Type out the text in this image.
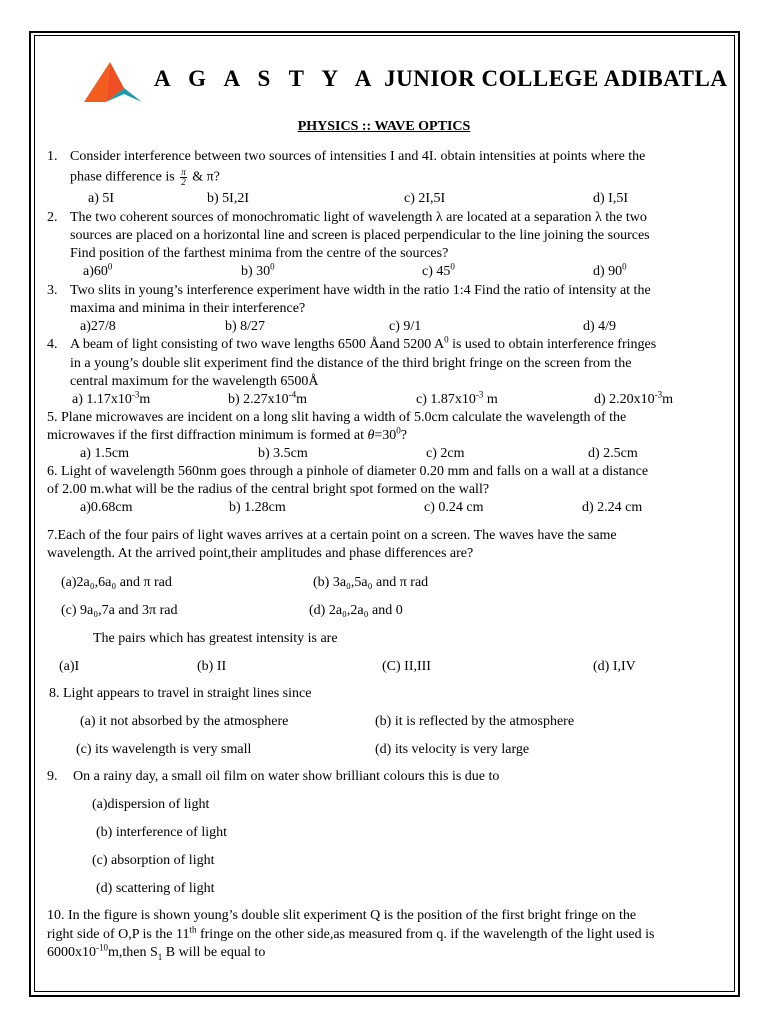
A G A S T Y A JUNIOR COLLEGE ADIBATLA
PHYSICS :: WAVE OPTICS
1. Consider interference between two sources of intensities I and 4I. obtain intensities at points where the
phase difference is $\frac{\pi}{2}$ & π?
a) 5I	b) 5I,2I	c) 2I,5I	d) I,5I
2. The two coherent sources of monochromatic light of wavelength λ are located at a separation λ the two
sources are placed on a horizontal line and screen is placed perpendicular to the line joining the sources
Find position of the farthest minima from the centre of the sources?
$a)60^0$	b) $30^0$	c) $45^0$	d) $90^0$
3. Two slits in young’s interference experiment have width in the ratio 1:4 Find the ratio of intensity at the
maxima and minima in their interference?
a)27/8	b) 8/27	c) 9/1	d) 4/9
4. A beam of light consisting of two wave lengths 6500 Åand 5200 $A^0$ is used to obtain interference fringes
in a young’s double slit experiment find the distance of the third bright fringe on the screen from the
central maximum for the wavelength 6500Å
a) $1.17x10^{-3}m$	b) $2.27x10^{-4}m$	c) $1.87x10^{-3}$ m	d) $2.20x10^{-3}m$
5. Plane microwaves are incident on a long slit having a width of 5.0cm calculate the wavelength of the
microwaves if the first diffraction minimum is formed at $\theta=30^0$?
a) 1.5cm	b) 3.5cm	c) 2cm	d) 2.5cm
6. Light of wavelength 560nm goes through a pinhole of diameter 0.20 mm and falls on a wall at a distance
of 2.00 m.what will be the radius of the central bright spot formed on the wall?
a)0.68cm	b) 1.28cm	c) 0.24 cm	d) 2.24 cm
7.Each of the four pairs of light waves arrives at a certain point on a screen. The waves have the same
wavelength. At the arrived point,their amplitudes and phase differences are?
(a)2a₀,6a₀ and π rad	(b) 3a₀,5a₀ and π rad
(c) 9a₀,7a and 3π rad	(d) 2a₀,2a₀ and 0
The pairs which has greatest intensity is are
(a)I	(b) II	(C) II,III	(d) I,IV
8. Light appears to travel in straight lines since
(a) it not absorbed by the atmosphere	(b) it is reflected by the atmosphere
(c) its wavelength is very small	(d) its velocity is very large
9. On a rainy day, a small oil film on water show brilliant colours this is due to
(a)dispersion of light
(b) interference of light
(c) absorption of light
(d) scattering of light
10. In the figure is shown young’s double slit experiment Q is the position of the first bright fringe on the
right side of O,P is the 11th fringe on the other side,as measured from q. if the wavelength of the light used is
$6000x10^{-10}m,then$ $S_1$ B will be equal to
